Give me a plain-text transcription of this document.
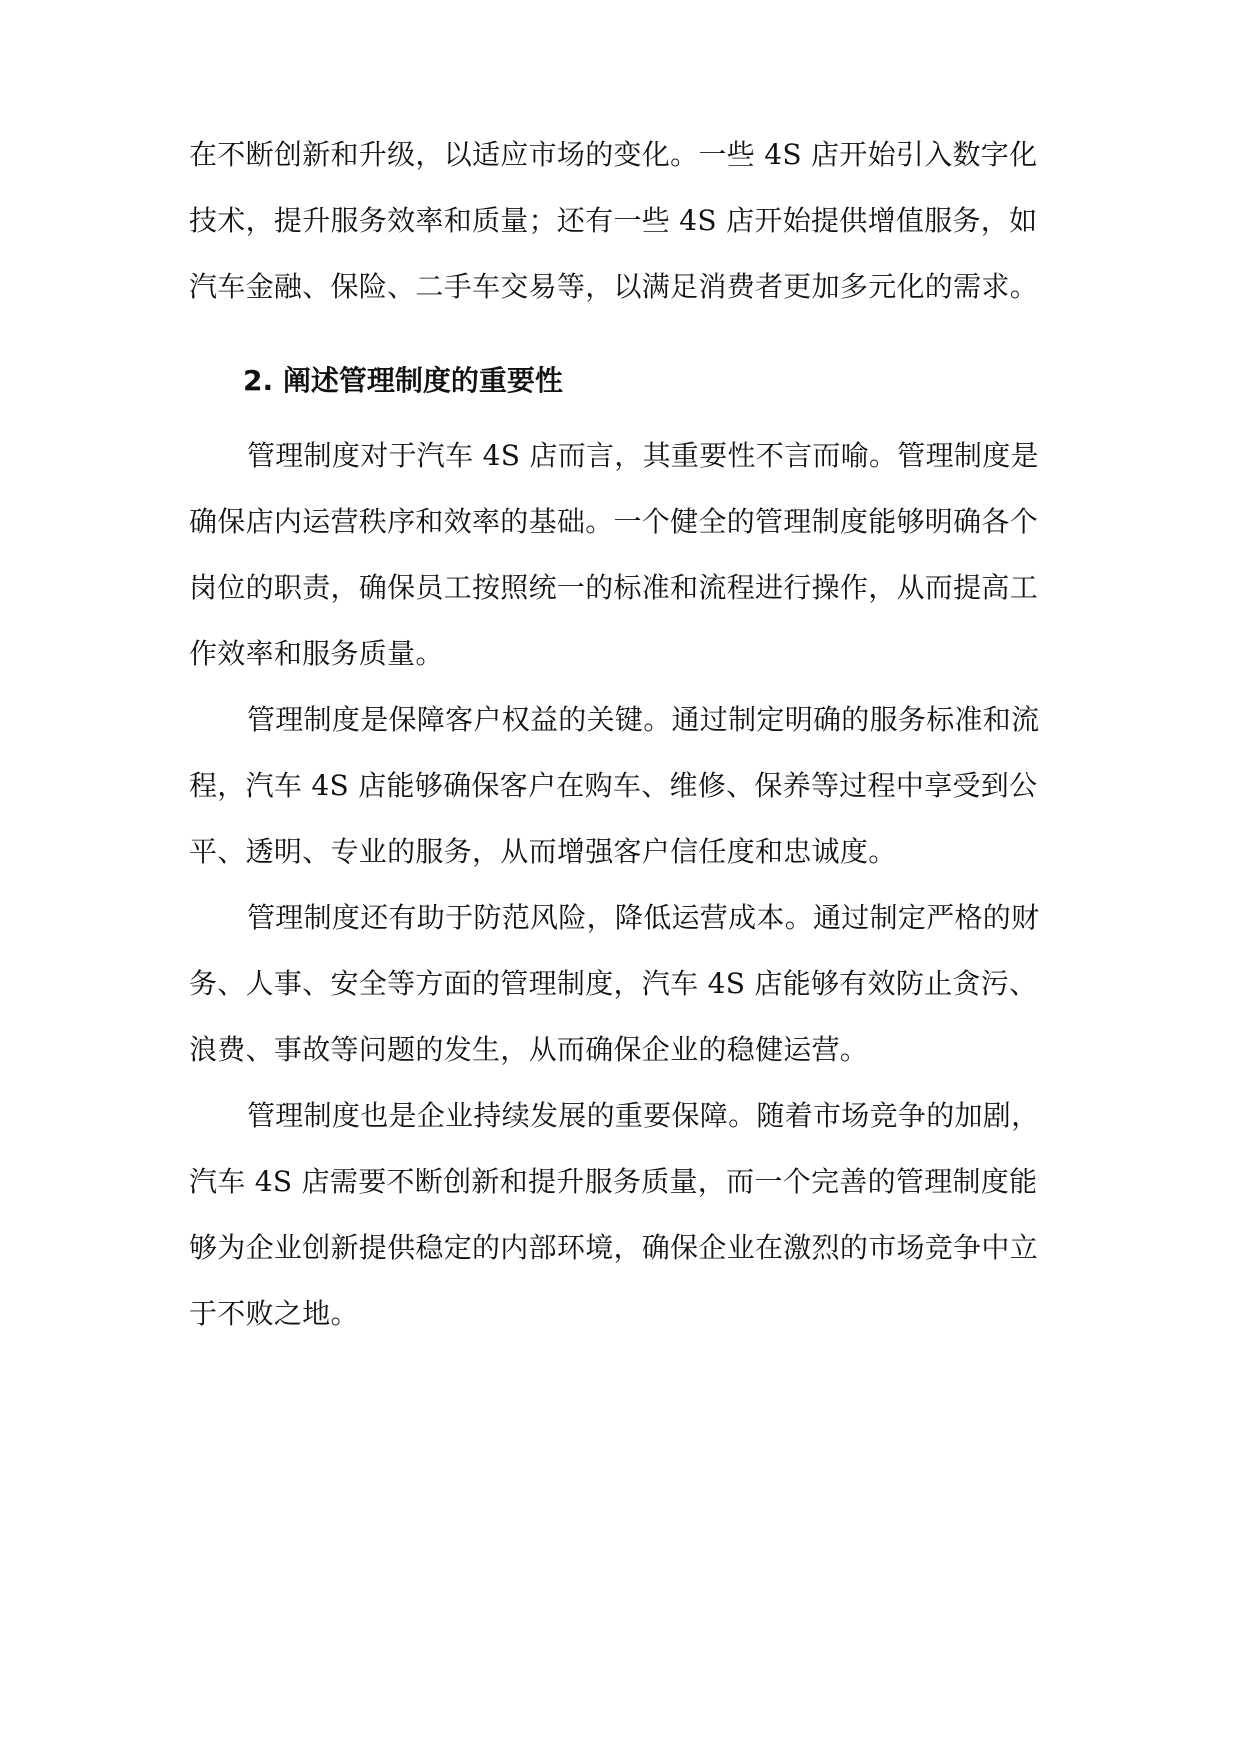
在不断创新和升级，以适应市场的变化。一些 4S 店开始引入数字化
技术，提升服务效率和质量；还有一些 4S 店开始提供增值服务，如
汽车金融、保险、二手车交易等，以满足消费者更加多元化的需求。
2. 阐述管理制度的重要性
管理制度对于汽车 4S 店而言，其重要性不言而喻。管理制度是
确保店内运营秩序和效率的基础。一个健全的管理制度能够明确各个
岗位的职责，确保员工按照统一的标准和流程进行操作，从而提高工
作效率和服务质量。
管理制度是保障客户权益的关键。通过制定明确的服务标准和流
程，汽车 4S 店能够确保客户在购车、维修、保养等过程中享受到公
平、透明、专业的服务，从而增强客户信任度和忠诚度。
管理制度还有助于防范风险，降低运营成本。通过制定严格的财
务、人事、安全等方面的管理制度，汽车 4S 店能够有效防止贪污、
浪费、事故等问题的发生，从而确保企业的稳健运营。
管理制度也是企业持续发展的重要保障。随着市场竞争的加剧，
汽车 4S 店需要不断创新和提升服务质量，而一个完善的管理制度能
够为企业创新提供稳定的内部环境，确保企业在激烈的市场竞争中立
于不败之地。
